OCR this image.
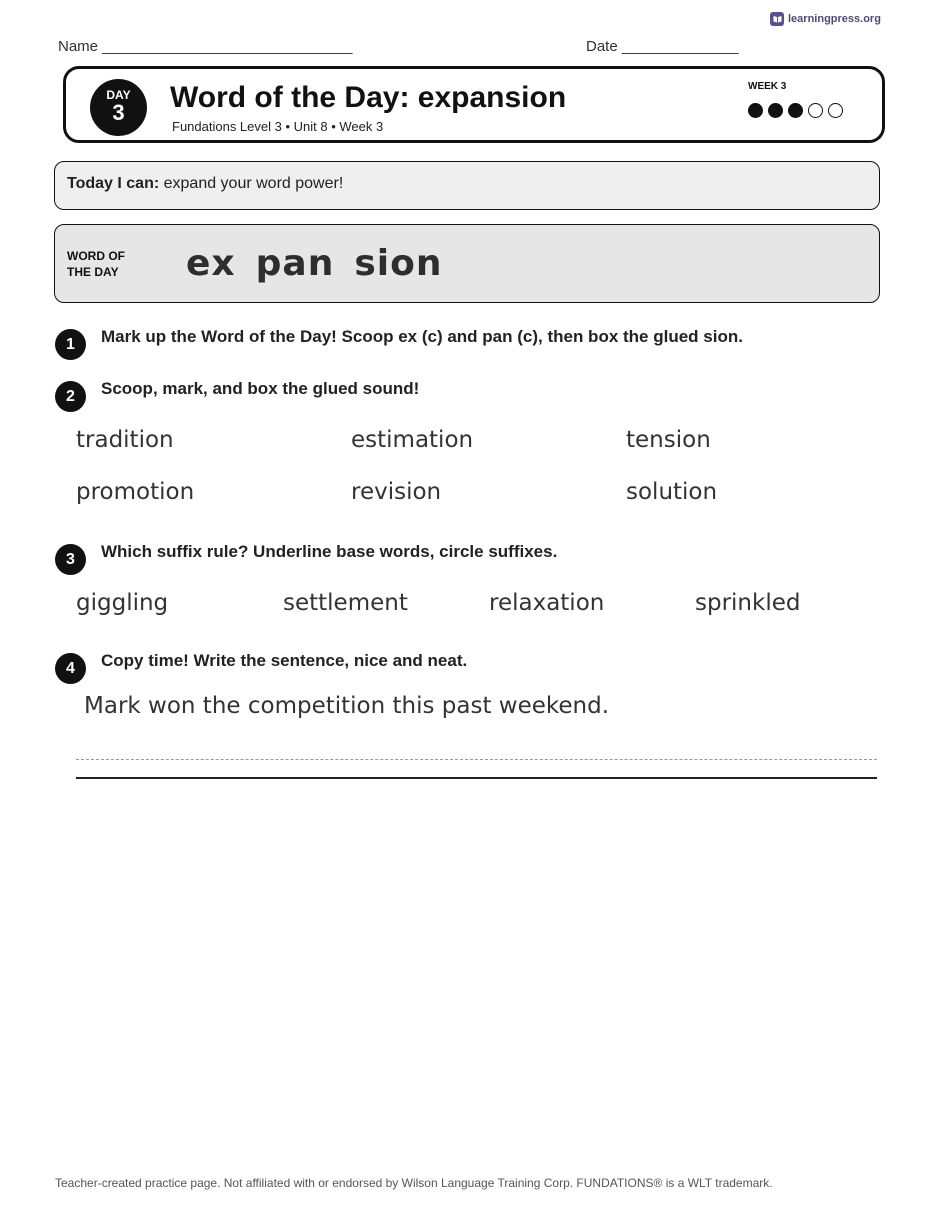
learningpress.org
Name ______________________________	Date ______________
DAY
3	Word of the Day: expansion
Fundations Level 3 • Unit 8 • Week 3
WEEK 3
Today I can: expand your word power!
WORD OF
THE DAY	ex pan sion
1	Mark up the Word of the Day! Scoop ex (c) and pan (c), then box the glued sion.
2	Scoop, mark, and box the glued sound!
tradition	estimation	tension
promotion	revision	solution
3	Which suffix rule? Underline base words, circle suffixes.
giggling	settlement	relaxation	sprinkled
4	Copy time! Write the sentence, nice and neat.
Mark won the competition this past weekend.
Teacher-created practice page. Not affiliated with or endorsed by Wilson Language Training Corp. FUNDATIONS® is a WLT trademark.
